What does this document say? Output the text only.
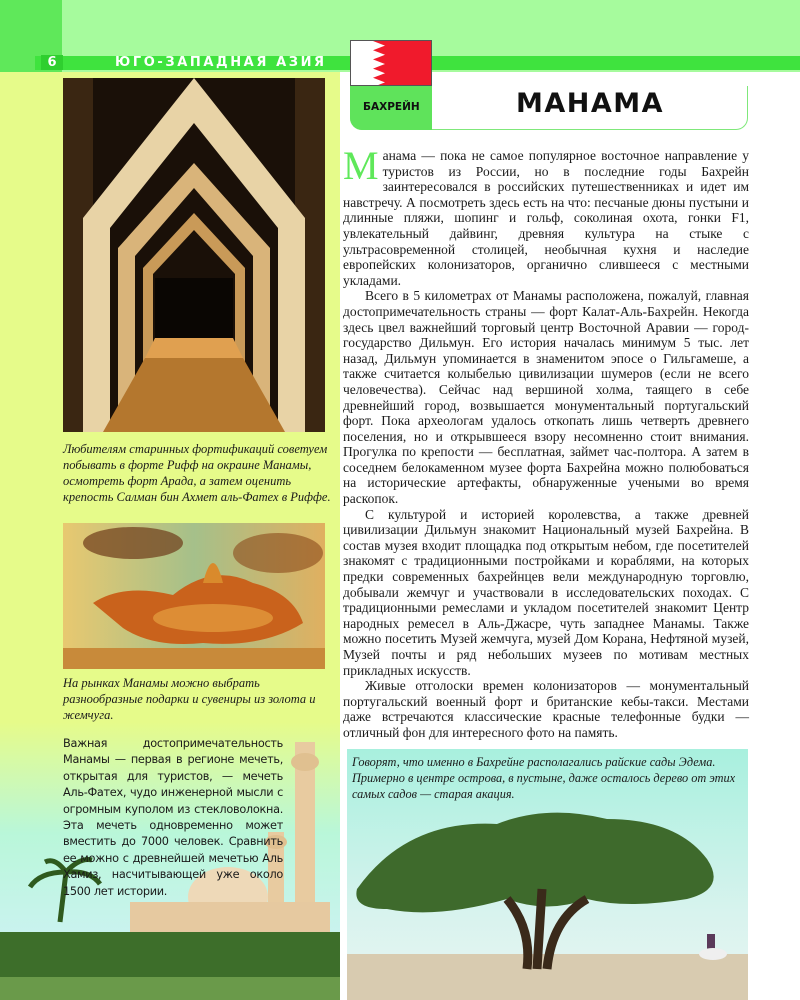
6	ЮГО-ЗАПАДНАЯ АЗИЯ
БАХРЕЙН	МАНАМА
Любителям старинных фортификаций советуем побывать в форте Рифф на окраине Манамы, осмотреть форт Арада, а затем оценить крепость Салман бин Ахмет аль-Фатех в Риффе.
На рынках Манамы можно выбрать разнообразные подарки и сувениры из золота и жемчуга.
Важная достопримечательность Манамы — первая в регионе мечеть, открытая для туристов, — мечеть Аль-Фатех, чудо инженерной мысли с огромным куполом из стекловолокна. Эта мечеть одновременно может вместить до 7000 человек. Сравнить ее можно с древнейшей мечетью Аль Хамиз, насчитывающей уже около 1500 лет истории.

Манама — пока не самое популярное восточное направление у туристов из России, но в последние годы Бахрейн заинтересовался в российских путешественниках и идет им навстречу. А посмотреть здесь есть на что: песчаные дюны пустыни и длинные пляжи, шопинг и гольф, соколиная охота, гонки F1, увлекательный дайвинг, древняя культура на стыке с ультрасовременной столицей, необычная кухня и наследие европейских колонизаторов, органично слившееся с местными укладами.

Всего в 5 километрах от Манамы расположена, пожалуй, главная достопримечательность страны — форт Калат-Аль-Бахрейн. Некогда здесь цвел важнейший торговый центр Восточной Аравии — город-государство Дильмун. Его история началась минимум 5 тыс. лет назад, Дильмун упоминается в знаменитом эпосе о Гильгамеше, а также считается колыбелью цивилизации шумеров (если не всего человечества). Сейчас над вершиной холма, таящего в себе древнейший город, возвышается монументальный португальский форт. Пока археологам удалось откопать лишь четверть древнего поселения, но и открывшееся взору несомненно стоит внимания. Прогулка по крепости — бесплатная, займет час-полтора. А затем в соседнем белокаменном музее форта Бахрейна можно полюбоваться на исторические артефакты, обнаруженные учеными во время раскопок.

С культурой и историей королевства, а также древней цивилизации Дильмун знакомит Национальный музей Бахрейна. В состав музея входит площадка под открытым небом, где посетителей знакомят с традиционными постройками и кораблями, на которых предки современных бахрейнцев вели международную торговлю, добывали жемчуг и участвовали в исследовательских походах. С традиционными ремеслами и укладом посетителей знакомит Центр народных ремесел в Аль-Джасре, чуть западнее Манамы. Также можно посетить Музей жемчуга, музей Дом Корана, Нефтяной музей, Музей почты и ряд небольших музеев по мотивам местных прикладных искусств.

Живые отголоски времен колонизаторов — монументальный португальский военный форт и британские кебы-такси. Местами даже встречаются классические красные телефонные будки — отличный фон для интересного фото на память.

Говорят, что именно в Бахрейне располагались райские сады Эдема. Примерно в центре острова, в пустыне, даже осталось дерево от этих самых садов — старая акация.
